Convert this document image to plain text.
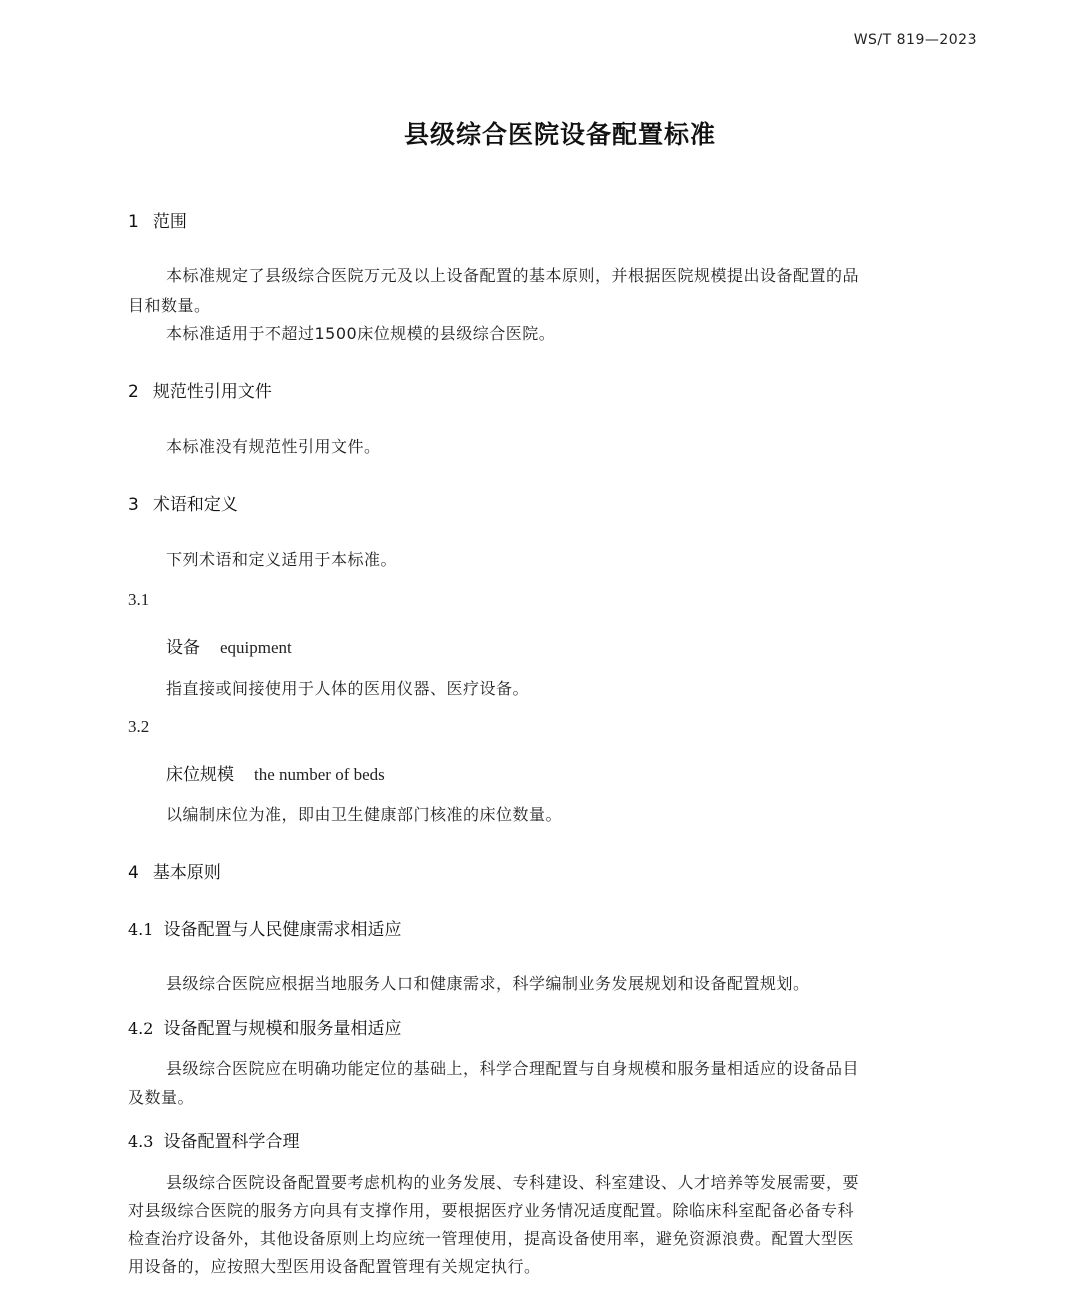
WS/T 819—2023
县级综合医院设备配置标准
1 范围
本标准规定了县级综合医院万元及以上设备配置的基本原则，并根据医院规模提出设备配置的品
目和数量。
本标准适用于不超过1500床位规模的县级综合医院。
2 规范性引用文件
本标准没有规范性引用文件。
3 术语和定义
下列术语和定义适用于本标准。
3.1
设备 equipment
指直接或间接使用于人体的医用仪器、医疗设备。
3.2
床位规模 the number of beds
以编制床位为准，即由卫生健康部门核准的床位数量。
4 基本原则
4.1 设备配置与人民健康需求相适应
县级综合医院应根据当地服务人口和健康需求，科学编制业务发展规划和设备配置规划。
4.2 设备配置与规模和服务量相适应
县级综合医院应在明确功能定位的基础上，科学合理配置与自身规模和服务量相适应的设备品目
及数量。
4.3 设备配置科学合理
县级综合医院设备配置要考虑机构的业务发展、专科建设、科室建设、人才培养等发展需要，要
对县级综合医院的服务方向具有支撑作用，要根据医疗业务情况适度配置。除临床科室配备必备专科
检查治疗设备外，其他设备原则上均应统一管理使用，提高设备使用率，避免资源浪费。配置大型医
用设备的，应按照大型医用设备配置管理有关规定执行。
